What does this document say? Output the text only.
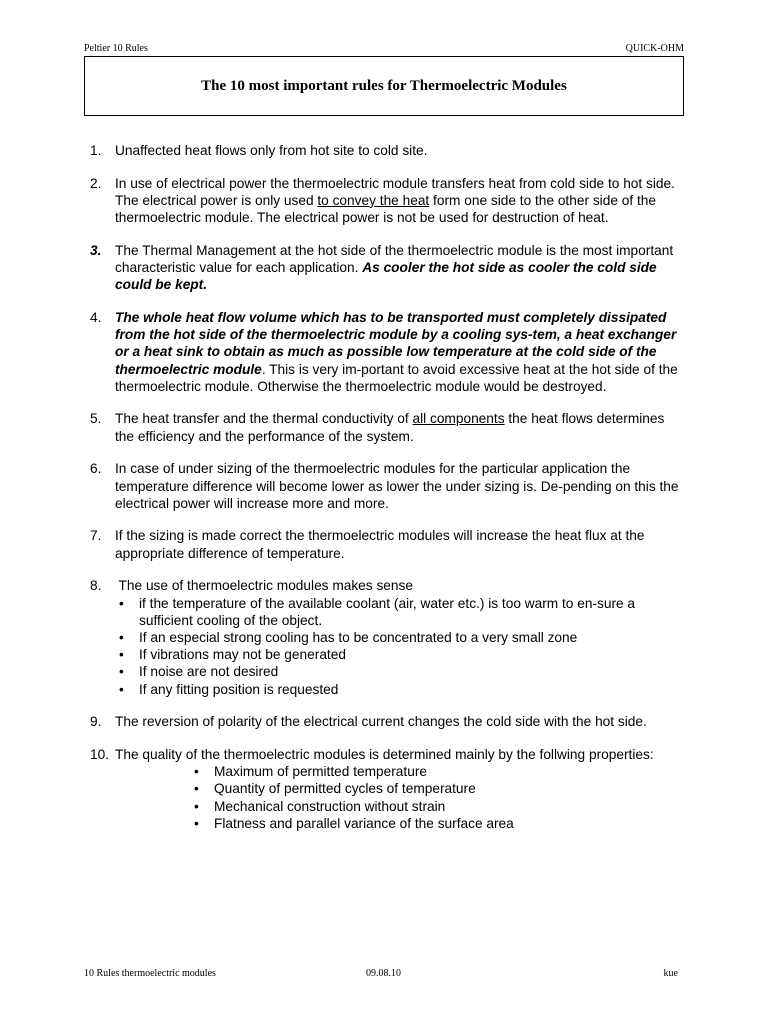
Peltier 10 Rules	QUICK-OHM
The 10 most important rules for Thermoelectric Modules
1. Unaffected heat flows only from hot site to cold site.
2. In use of electrical power the thermoelectric module transfers heat from cold side to hot side. The electrical power is only used to convey the heat form one side to the other side of the thermoelectric module. The electrical power is not be used for destruction of heat.
3. The Thermal Management at the hot side of the thermoelectric module is the most important characteristic value for each application. As cooler the hot side as cooler the cold side could be kept.
4. The whole heat flow volume which has to be transported must completely dissipated from the hot side of the thermoelectric module by a cooling sys-tem, a heat exchanger or a heat sink to obtain as much as possible low temperature at the cold side of the thermoelectric module. This is very im-portant to avoid excessive heat at the hot side of the thermoelectric module. Otherwise the thermoelectric module would be destroyed.
5. The heat transfer and the thermal conductivity of all components the heat flows determines the efficiency and the performance of the system.
6. In case of under sizing of the thermoelectric modules for the particular application the temperature difference will become lower as lower the under sizing is. De-pending on this the electrical power will increase more and more.
7. If the sizing is made correct the thermoelectric modules will increase the heat flux at the appropriate difference of temperature.
8. The use of thermoelectric modules makes sense
• if the temperature of the available coolant (air, water etc.) is too warm to en-sure a sufficient cooling of the object.
• If an especial strong cooling has to be concentrated to a very small zone
• If vibrations may not be generated
• If noise are not desired
• If any fitting position is requested
9. The reversion of polarity of the electrical current changes the cold side with the hot side.
10. The quality of the thermoelectric modules is determined mainly by the follwing properties:
• Maximum of permitted temperature
• Quantity of permitted cycles of temperature
• Mechanical construction without strain
• Flatness and parallel variance of the surface area
10 Rules thermoelectric modules	09.08.10	kue
